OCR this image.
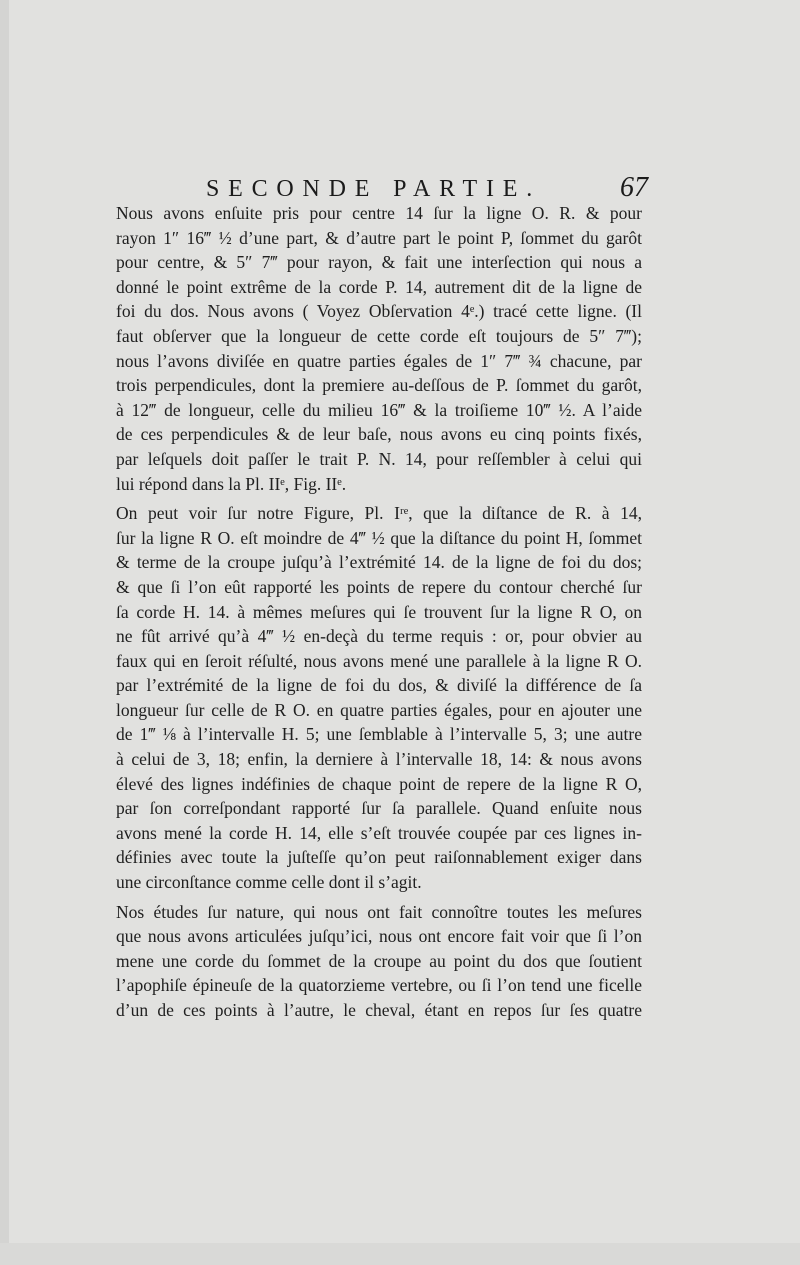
SECONDE PARTIE.	67

Nous avons enſuite pris pour centre 14 ſur la ligne O. R. & pour
rayon 1″ 16‴ ½ d’une part, & d’autre part le point P, ſommet du garôt
pour centre, & 5″ 7‴ pour rayon, & fait une interſection qui nous a
donné le point extrême de la corde P. 14, autrement dit de la ligne de
foi du dos. Nous avons ( Voyez Obſervation 4ᵉ.) tracé cette ligne. (Il
faut obſerver que la longueur de cette corde eſt toujours de 5″ 7‴);
nous l’avons diviſée en quatre parties égales de 1″ 7‴ ¾ chacune, par
trois perpendicules, dont la premiere au-deſſous de P. ſommet du garôt,
à 12‴ de longueur, celle du milieu 16‴ & la troiſieme 10‴ ½. A l’aide
de ces perpendicules & de leur baſe, nous avons eu cinq points fixés,
par leſquels doit paſſer le trait P. N. 14, pour reſſembler à celui qui
lui répond dans la Pl. IIᵉ, Fig. IIᵉ.

On peut voir ſur notre Figure, Pl. Iʳᵉ, que la diſtance de R. à 14,
ſur la ligne R O. eſt moindre de 4‴ ½ que la diſtance du point H, ſommet
& terme de la croupe juſqu’à l’extrémité 14. de la ligne de foi du dos;
& que ſi l’on eût rapporté les points de repere du contour cherché ſur
ſa corde H. 14. à mêmes meſures qui ſe trouvent ſur la ligne R O, on
ne fût arrivé qu’à 4‴ ½ en-deçà du terme requis : or, pour obvier au
faux qui en ſeroit réſulté, nous avons mené une parallele à la ligne R O.
par l’extrémité de la ligne de foi du dos, & diviſé la différence de ſa
longueur ſur celle de R O. en quatre parties égales, pour en ajouter une
de 1‴ ⅛ à l’intervalle H. 5; une ſemblable à l’intervalle 5, 3; une autre
à celui de 3, 18; enfin, la derniere à l’intervalle 18, 14: & nous avons
élevé des lignes indéfinies de chaque point de repere de la ligne R O,
par ſon correſpondant rapporté ſur ſa parallele. Quand enſuite nous
avons mené la corde H. 14, elle s’eſt trouvée coupée par ces lignes in-
définies avec toute la juſteſſe qu’on peut raiſonnablement exiger dans
une circonſtance comme celle dont il s’agit.

Nos études ſur nature, qui nous ont fait connoître toutes les meſures
que nous avons articulées juſqu’ici, nous ont encore fait voir que ſi l’on
mene une corde du ſommet de la croupe au point du dos que ſoutient
l’apophiſe épineuſe de la quatorzieme vertebre, ou ſi l’on tend une ficelle
d’un de ces points à l’autre, le cheval, étant en repos ſur ſes quatre
